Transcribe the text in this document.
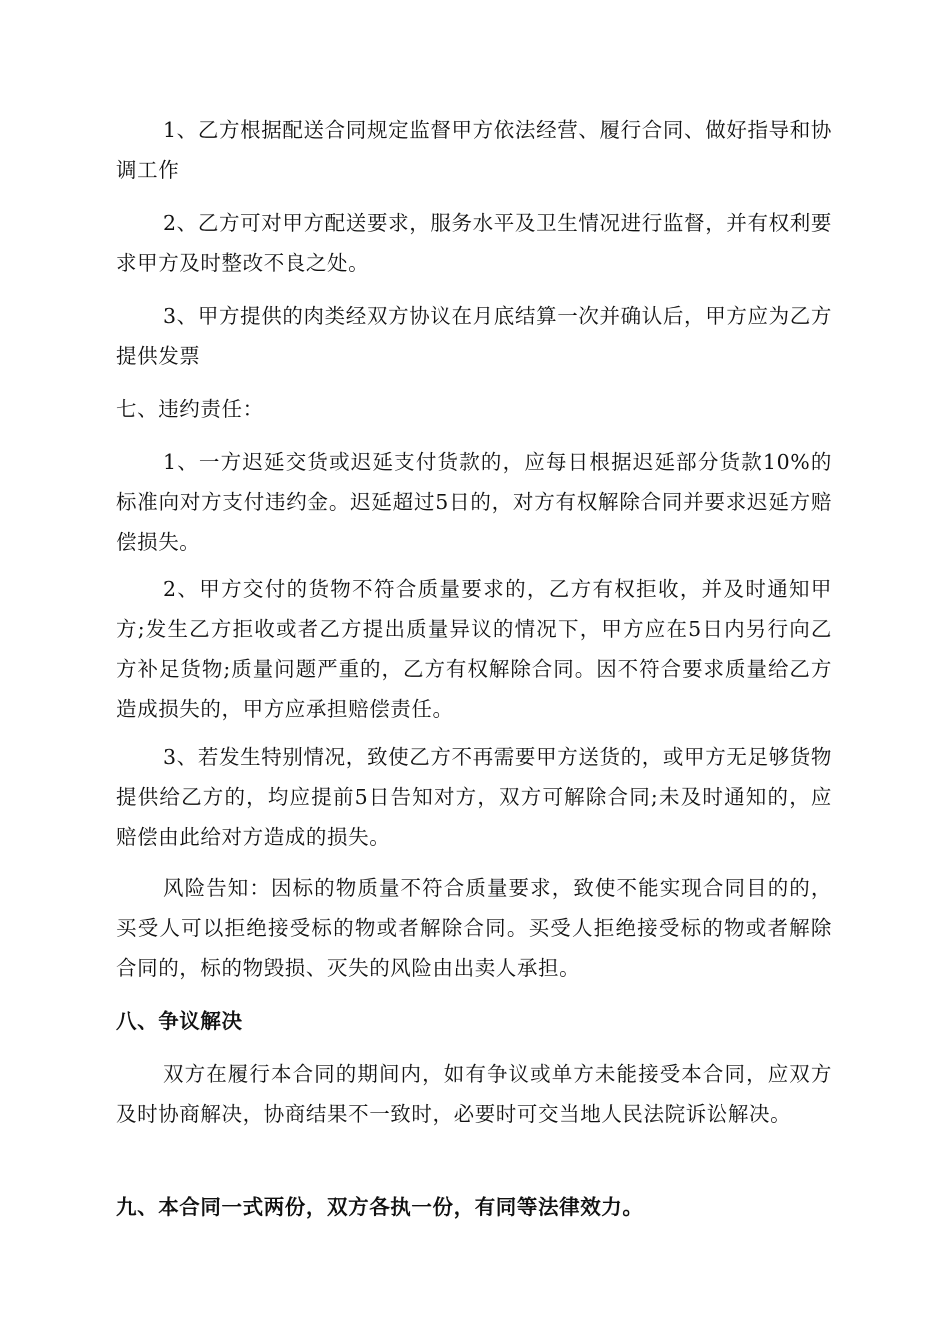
1、乙方根据配送合同规定监督甲方依法经营、履行合同、做好指导和协调工作

2、乙方可对甲方配送要求，服务水平及卫生情况进行监督，并有权利要求甲方及时整改不良之处。

3、甲方提供的肉类经双方协议在月底结算一次并确认后，甲方应为乙方提供发票

七、违约责任：

1、一方迟延交货或迟延支付货款的，应每日根据迟延部分货款10%的标准向对方支付违约金。迟延超过5日的，对方有权解除合同并要求迟延方赔偿损失。

2、甲方交付的货物不符合质量要求的，乙方有权拒收，并及时通知甲方;发生乙方拒收或者乙方提出质量异议的情况下，甲方应在5日内另行向乙方补足货物;质量问题严重的，乙方有权解除合同。因不符合要求质量给乙方造成损失的，甲方应承担赔偿责任。

3、若发生特别情况，致使乙方不再需要甲方送货的，或甲方无足够货物提供给乙方的，均应提前5日告知对方，双方可解除合同;未及时通知的，应赔偿由此给对方造成的损失。

风险告知：因标的物质量不符合质量要求，致使不能实现合同目的的，买受人可以拒绝接受标的物或者解除合同。买受人拒绝接受标的物或者解除合同的，标的物毁损、灭失的风险由出卖人承担。

八、争议解决

双方在履行本合同的期间内，如有争议或单方未能接受本合同，应双方及时协商解决，协商结果不一致时，必要时可交当地人民法院诉讼解决。

九、本合同一式两份，双方各执一份，有同等法律效力。
